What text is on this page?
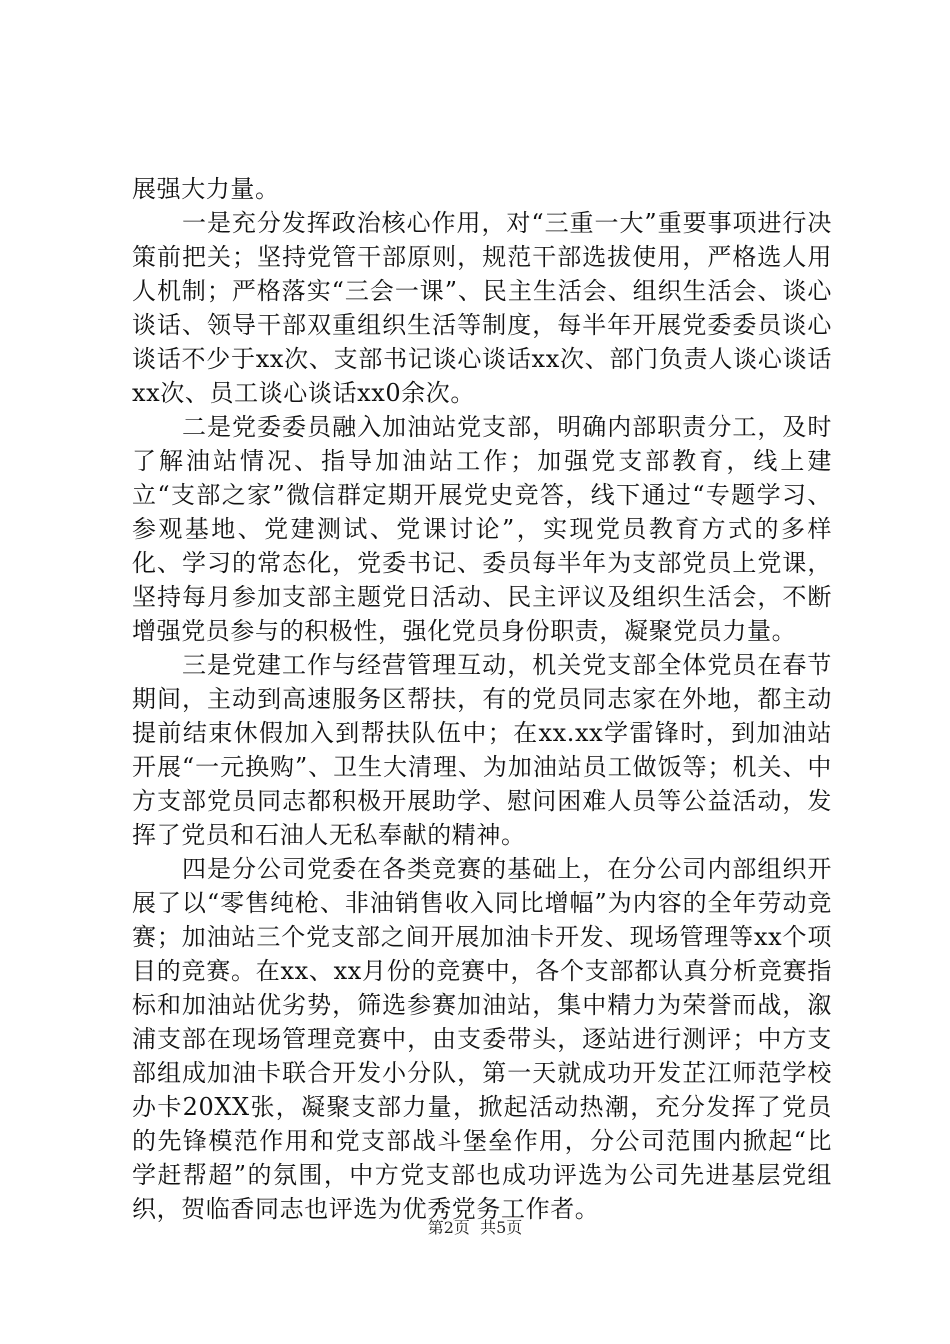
展强大力量。

一是充分发挥政治核心作用，对“三重一大”重要事项进行决策前把关；坚持党管干部原则，规范干部选拔使用，严格选人用人机制；严格落实“三会一课”、民主生活会、组织生活会、谈心谈话、领导干部双重组织生活等制度，每半年开展党委委员谈心谈话不少于xx次、支部书记谈心谈话xx次、部门负责人谈心谈话xx次、员工谈心谈话xx0余次。

二是党委委员融入加油站党支部，明确内部职责分工，及时了解油站情况、指导加油站工作；加强党支部教育，线上建立“支部之家”微信群定期开展党史竞答，线下通过“专题学习、参观基地、党建测试、党课讨论”，实现党员教育方式的多样化、学习的常态化，党委书记、委员每半年为支部党员上党课，坚持每月参加支部主题党日活动、民主评议及组织生活会，不断增强党员参与的积极性，强化党员身份职责，凝聚党员力量。

三是党建工作与经营管理互动，机关党支部全体党员在春节期间，主动到高速服务区帮扶，有的党员同志家在外地，都主动提前结束休假加入到帮扶队伍中；在xx.xx学雷锋时，到加油站开展“一元换购”、卫生大清理、为加油站员工做饭等；机关、中方支部党员同志都积极开展助学、慰问困难人员等公益活动，发挥了党员和石油人无私奉献的精神。

四是分公司党委在各类竞赛的基础上，在分公司内部组织开展了以“零售纯枪、非油销售收入同比增幅”为内容的全年劳动竞赛；加油站三个党支部之间开展加油卡开发、现场管理等xx个项目的竞赛。在xx、xx月份的竞赛中，各个支部都认真分析竞赛指标和加油站优劣势，筛选参赛加油站，集中精力为荣誉而战，溆浦支部在现场管理竞赛中，由支委带头，逐站进行测评；中方支部组成加油卡联合开发小分队，第一天就成功开发芷江师范学校办卡20XX张，凝聚支部力量，掀起活动热潮，充分发挥了党员的先锋模范作用和党支部战斗堡垒作用，分公司范围内掀起“比学赶帮超”的氛围，中方党支部也成功评选为公司先进基层党组织，贺临香同志也评选为优秀党务工作者。

第2页  共5页
